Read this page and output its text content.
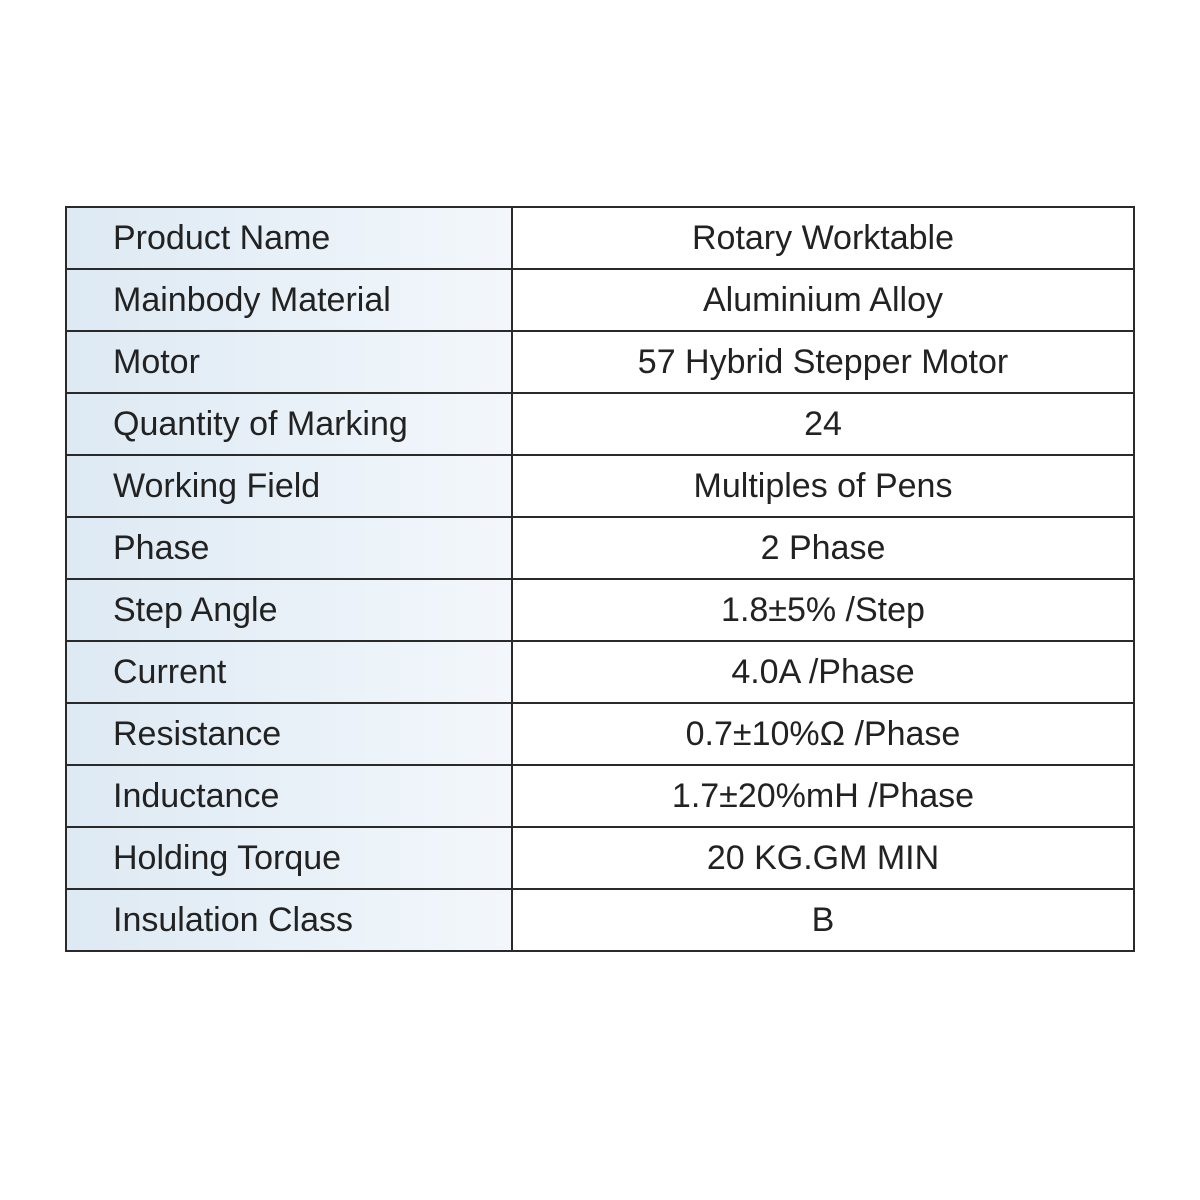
Product Name	Rotary Worktable
Mainbody Material	Aluminium Alloy
Motor	57 Hybrid Stepper Motor
Quantity of Marking	24
Working Field	Multiples of Pens
Phase	2 Phase
Step Angle	1.8±5% /Step
Current	4.0A /Phase
Resistance	0.7±10%Ω /Phase
Inductance	1.7±20%mH /Phase
Holding Torque	20 KG.GM MIN
Insulation Class	B
